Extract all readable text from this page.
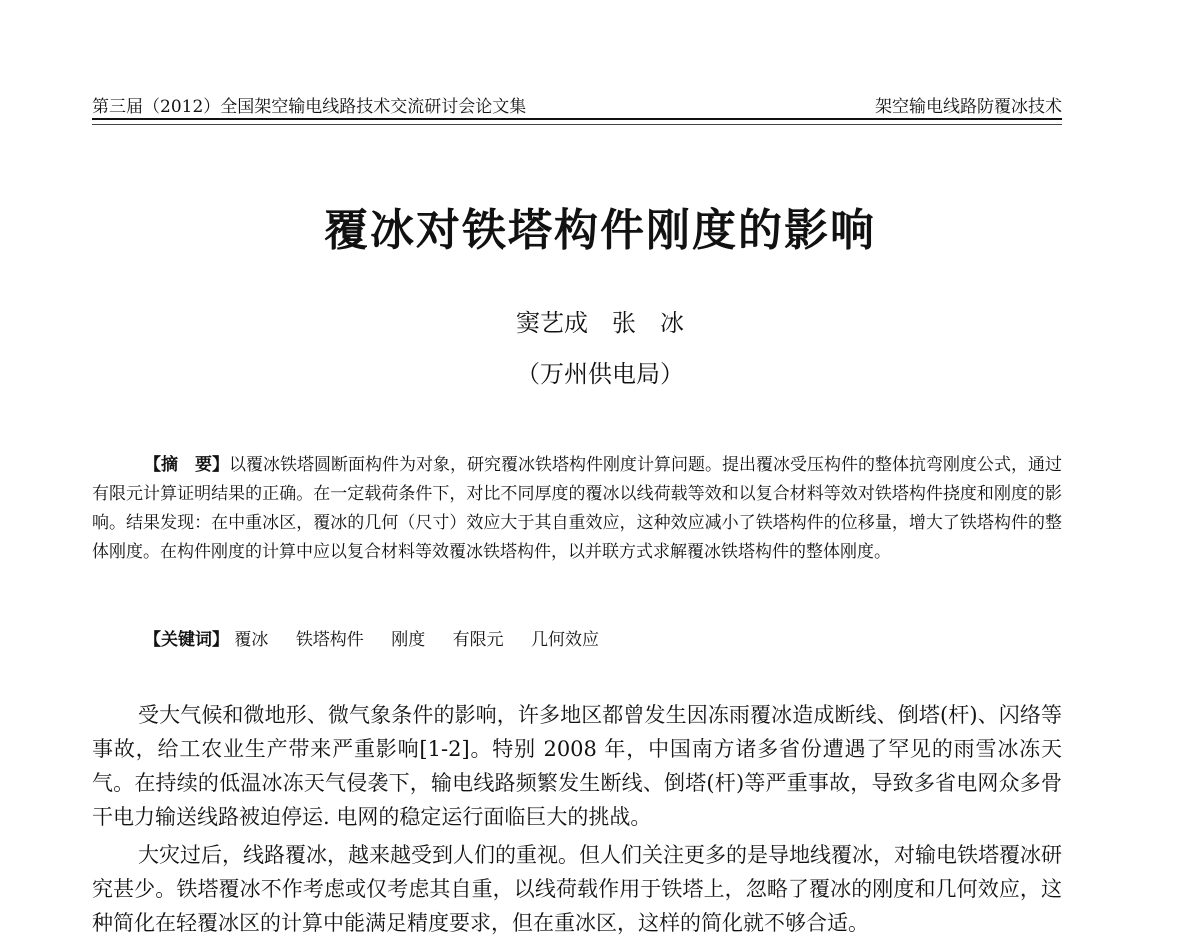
第三届（2012）全国架空输电线路技术交流研讨会论文集	架空输电线路防覆冰技术
覆冰对铁塔构件刚度的影响
窦艺成　张　冰
（万州供电局）
【摘　要】以覆冰铁塔圆断面构件为对象，研究覆冰铁塔构件刚度计算问题。提出覆冰受压构件的整体抗弯刚度公式，通过有限元计算证明结果的正确。在一定载荷条件下，对比不同厚度的覆冰以线荷载等效和以复合材料等效对铁塔构件挠度和刚度的影响。结果发现：在中重冰区，覆冰的几何（尺寸）效应大于其自重效应，这种效应减小了铁塔构件的位移量，增大了铁塔构件的整体刚度。在构件刚度的计算中应以复合材料等效覆冰铁塔构件，以并联方式求解覆冰铁塔构件的整体刚度。
【关键词】 覆冰 铁塔构件 刚度 有限元 几何效应

受大气候和微地形、微气象条件的影响，许多地区都曾发生因冻雨覆冰造成断线、倒塔(杆)、闪络等事故，给工农业生产带来严重影响[1-2]。特别 2008 年，中国南方诸多省份遭遇了罕见的雨雪冰冻天气。在持续的低温冰冻天气侵袭下，输电线路频繁发生断线、倒塔(杆)等严重事故，导致多省电网众多骨干电力输送线路被迫停运. 电网的稳定运行面临巨大的挑战。

大灾过后，线路覆冰，越来越受到人们的重视。但人们关注更多的是导地线覆冰，对输电铁塔覆冰研究甚少。铁塔覆冰不作考虑或仅考虑其自重，以线荷载作用于铁塔上，忽略了覆冰的刚度和几何效应，这种简化在轻覆冰区的计算中能满足精度要求，但在重冰区，这样的简化就不够合适。
